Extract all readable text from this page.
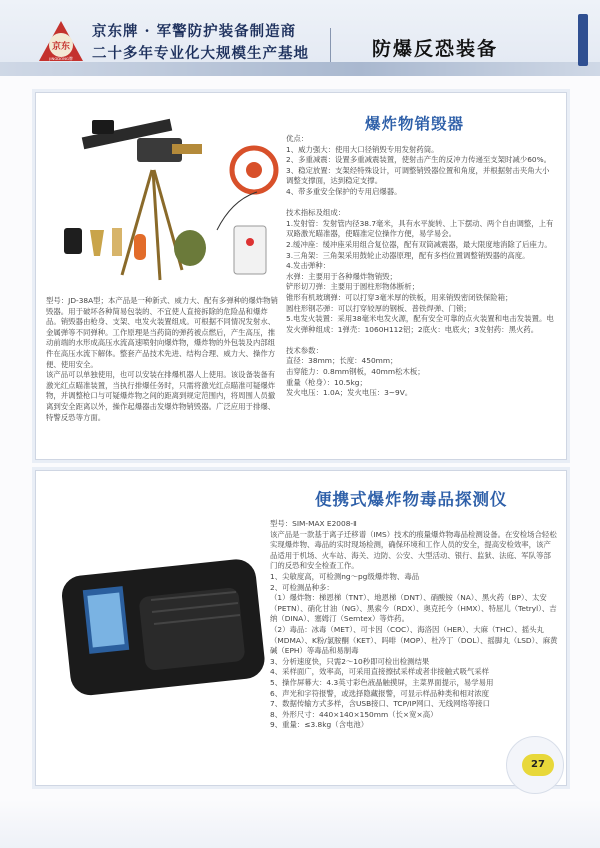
京东
JINGDONG牌
京东牌 · 军警防护装备制造商
二十多年专业化大规模生产基地	防爆反恐装备
爆炸物销毁器
优点：
1、威力强大：使用大口径销毁专用发射药筒。
2、多重减震：设置多重减震装置，使射击产生的反冲力传递至支架时减少60%。
3、稳定放置：支架经特殊设计，可调整销毁器位置和角度，并根据射击夹角大小调整支撑面，达到稳定支撑。
4、带多重安全保护的专用启爆器。

技术指标及组成：
1.发射管：发射管内径38.7毫米，具有水平旋转、上下摆动、两个自由调整，上有双路激光瞄准器，使瞄准定位操作方便，易学易会。
2.缓冲座：缓冲座采用组合复位器，配有双筒减震器，最大限度地消除了后座力。
3.三角架：三角架采用鼓轮止动器原理，配有多档位置调整销毁器的高度。
4.发击弹种：
水弹：主要用于各种爆炸物销毁；
铲形切刀弹：主要用于圆柱形物体断析；
锥形有机玻璃弹：可以打穿3毫米厚的铁板，用来销毁密闭铁保险箱；
圆柱形钢芯弹：可以打穿较厚的钢板、普铁焊弹、门锁；
5.电发火装置：采用38毫米电发火源，配有安全可靠的点火装置和电击发装置。电发火弹种组成：1弹壳：1060H112铝；2底火：电底火；3发射药：黑火药。

技术参数：
直径：38mm；长度：450mm；
击穿能力：0.8mm钢板，40mm松木板；
重量（枪身）：10.5kg；
发火电压：1.0A；发火电压：3~9V。
型号：JD-38A型；本产品是一种新式、威力大、配有多弹种的爆炸物销毁器。用于破坏各种简易包装的、不宜使人直接拆除的危险品和爆炸品。销毁器由枪身、支架、电发火装置组成。可根据不同情况发射水、金属弹等不同弹种。工作原理是当药筒的弹药被点燃后，产生高压，推动前端的水形成高压水流高速喷射向爆炸物，爆炸物的外包装及内部组件在高压水流下解体。整套产品技术先进、结构合理、威力大、操作方便、使用安全。
该产品可以单独使用，也可以安装在排爆机器人上使用。该设备装备有激光红点瞄准装置，当执行排爆任务时，只需将激光红点瞄准可疑爆炸物，并调整枪口与可疑爆炸物之间的距离到规定范围内，将周围人员撤离到安全距离以外，操作起爆器击发爆炸物销毁器。广泛应用于排爆、特警反恐等方面。
便携式爆炸物毒品探测仪
型号：SIM-MAX E2008-Ⅱ
该产品是一款基于离子迁移谱（IMS）技术的痕量爆炸物毒品检测设备。在安检场合轻松实现爆炸物、毒品的实时现场检测，确保环境和工作人员的安全，提高安检效率，该产品适用于机场、火车站、海关、边防、公安、大型活动、银行、监狱、法庭、军队等部门的反恐和安全检查工作。
1、尖敏度高，可检测ng～pg级爆炸物、毒品
2、可检测品种多：
（1）爆炸物：梯恩梯（TNT）、地恩梯（DNT）、硝酸铵（NA）、黑火药（BP）、太安（PETN）、硝化甘油（NG）、黑索今（RDX）、奥克托今（HMX）、特屈儿（Tetryl）、吉纳（DINA）、塞姆汀（Semtex）等炸药。
（2）毒品：冰毒（MET）、可卡因（COC）、海洛因（HER）、大麻（THC）、摇头丸（MDMA）、K粉/氯胺酮（KET）、吗啡（MOP）、杜冷丁（DOL）、摇脚丸（LSD）、麻黄碱（EPH）等毒品和易制毒
3、分析速度快，只需2～10秒即可检出检测结果
4、采样面广，效率高，可采用直接擦拭采样或者非接触式吸气采样
5、操作屏幕大：4.3英寸彩色液晶触摸屏，主菜界面提示，易学易用
6、声光和字符报警，或选择隐藏报警，可显示样品种类和相对浓度
7、数据传输方式多样，含USB接口、TCP/IP网口、无线网络等接口
8、外形尺寸：440×140×150mm（长×宽×高）
9、重量：≤3.8kg（含电池）
27
